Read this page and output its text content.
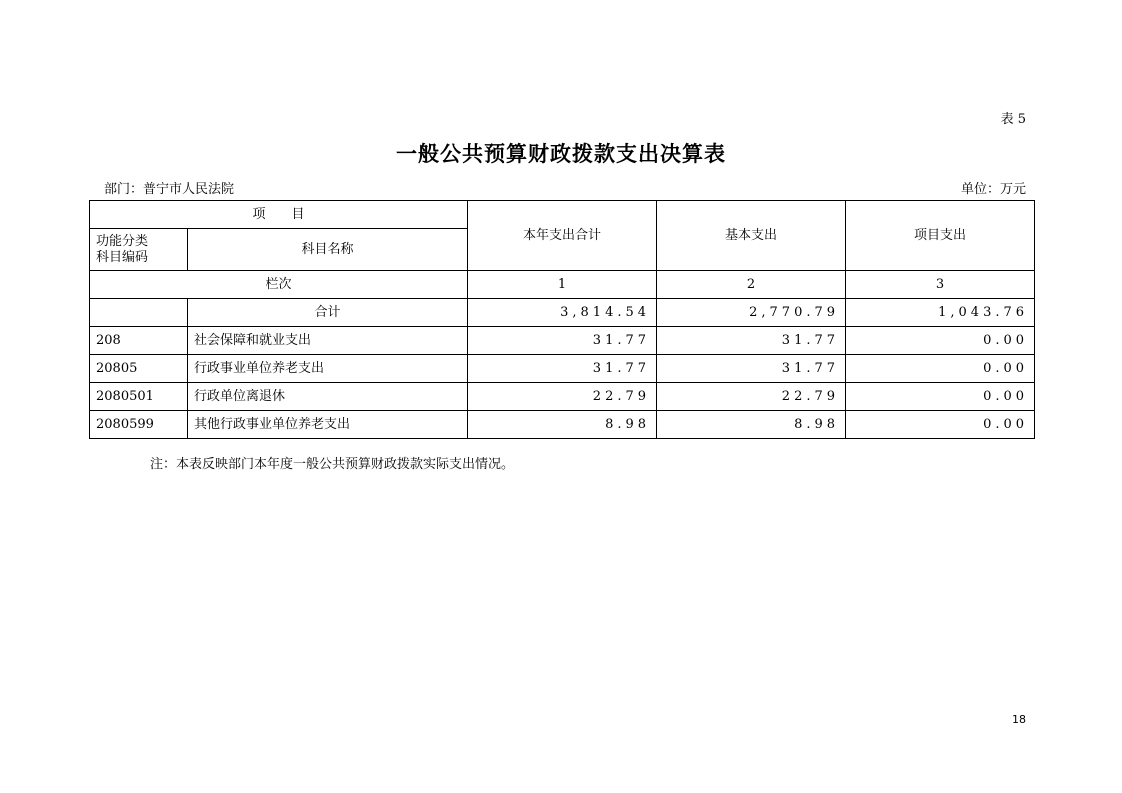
表 5
一般公共预算财政拨款支出决算表
部门：普宁市人民法院	单位：万元
项　　目		本年支出合计	基本支出	项目支出
功能分类
科目编码	科目名称			
栏次		1	2	3
	合计	3,814.54	2,770.79	1,043.76
208	社会保障和就业支出	31.77	31.77	0.00
20805	行政事业单位养老支出	31.77	31.77	0.00
2080501	行政单位离退休	22.79	22.79	0.00
2080599	其他行政事业单位养老支出	8.98	8.98	0.00
注：本表反映部门本年度一般公共预算财政拨款实际支出情况。
18
